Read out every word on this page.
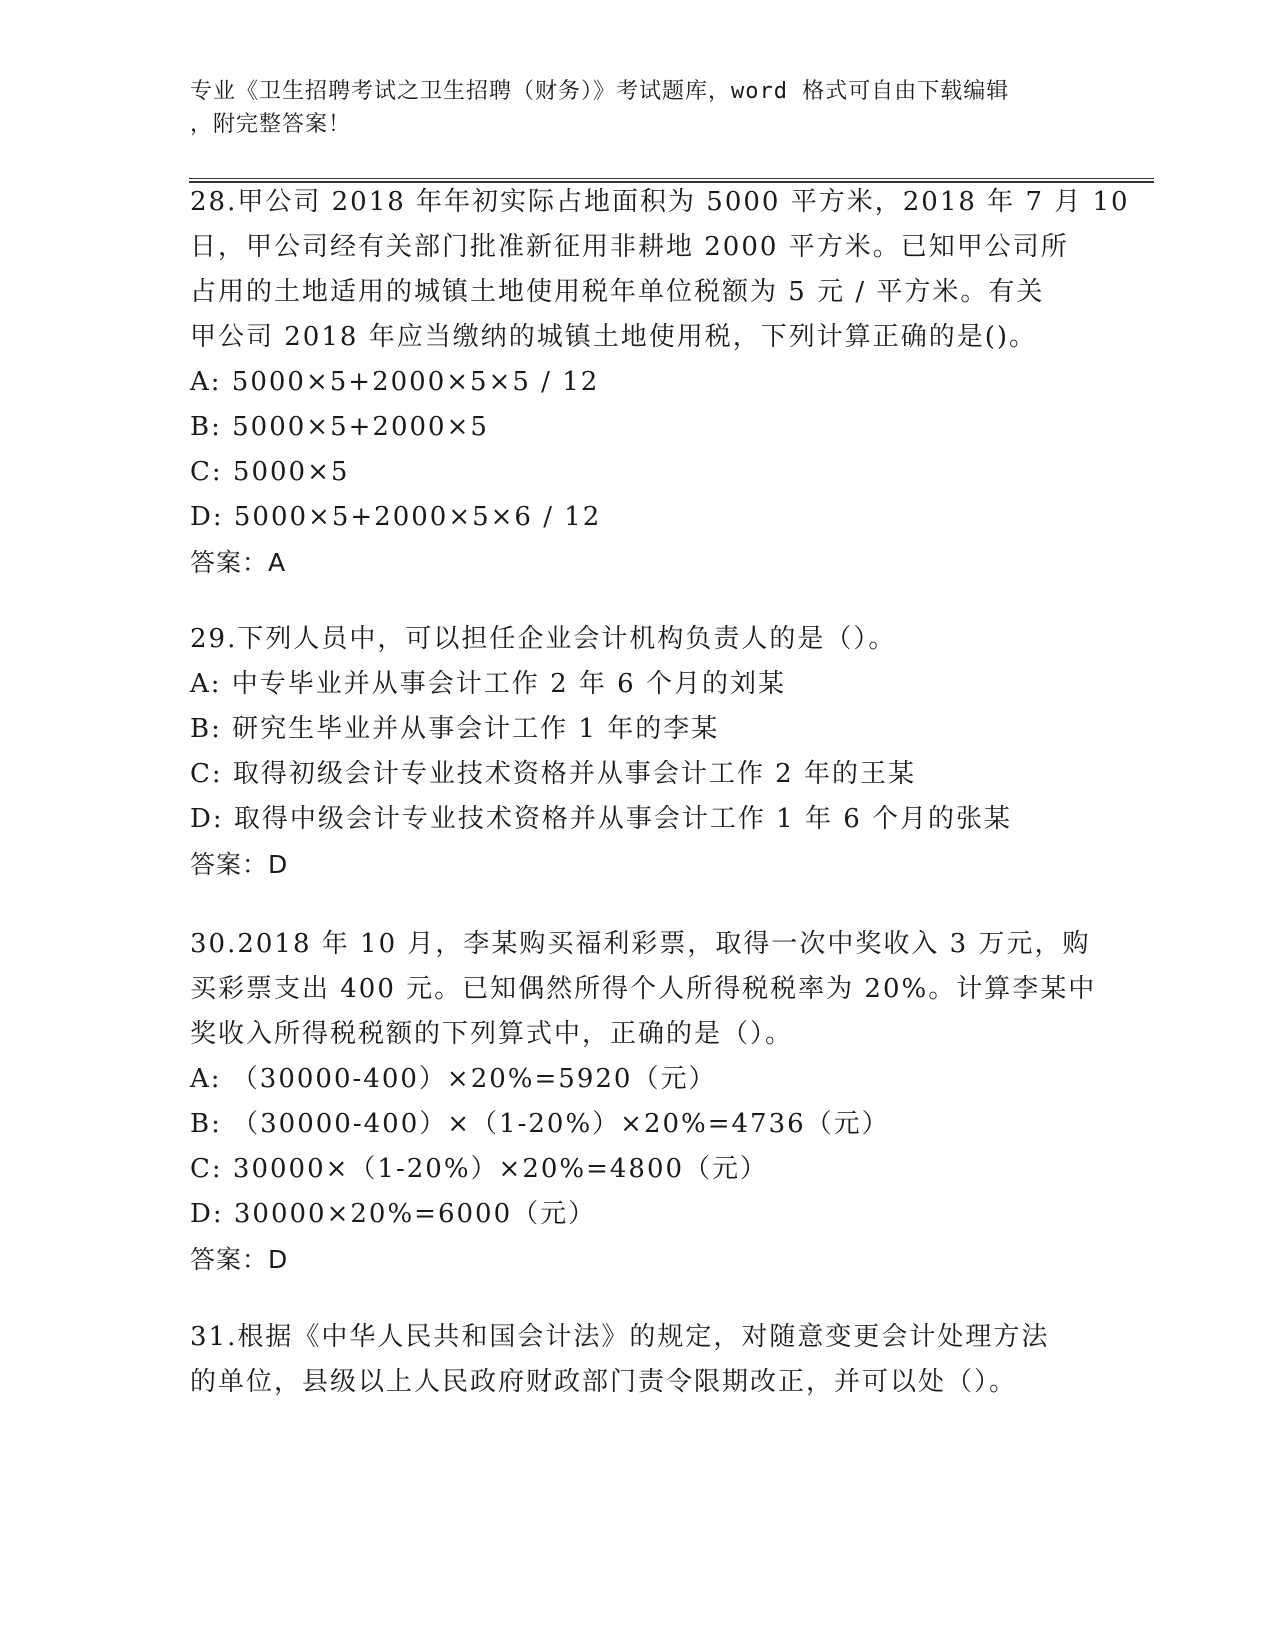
专业《卫生招聘考试之卫生招聘（财务）》考试题库，word 格式可自由下载编辑
，附完整答案！
28.甲公司 2018 年年初实际占地面积为 5000 平方米，2018 年 7 月 10
日，甲公司经有关部门批准新征用非耕地 2000 平方米。已知甲公司所
占用的土地适用的城镇土地使用税年单位税额为 5 元 / 平方米。有关
甲公司 2018 年应当缴纳的城镇土地使用税，下列计算正确的是()。
A: 5000×5+2000×5×5 / 12
B: 5000×5+2000×5
C: 5000×5
D: 5000×5+2000×5×6 / 12
答案：A
29.下列人员中，可以担任企业会计机构负责人的是（）。
A: 中专毕业并从事会计工作 2 年 6 个月的刘某
B: 研究生毕业并从事会计工作 1 年的李某
C: 取得初级会计专业技术资格并从事会计工作 2 年的王某
D: 取得中级会计专业技术资格并从事会计工作 1 年 6 个月的张某
答案：D
30.2018 年 10 月，李某购买福利彩票，取得一次中奖收入 3 万元，购
买彩票支出 400 元。已知偶然所得个人所得税税率为 20%。计算李某中
奖收入所得税税额的下列算式中，正确的是（）。
A: （30000-400）×20%=5920（元）
B: （30000-400）×（1-20%）×20%=4736（元）
C: 30000×（1-20%）×20%=4800（元）
D: 30000×20%=6000（元）
答案：D
31.根据《中华人民共和国会计法》的规定，对随意变更会计处理方法
的单位，县级以上人民政府财政部门责令限期改正，并可以处（）。
